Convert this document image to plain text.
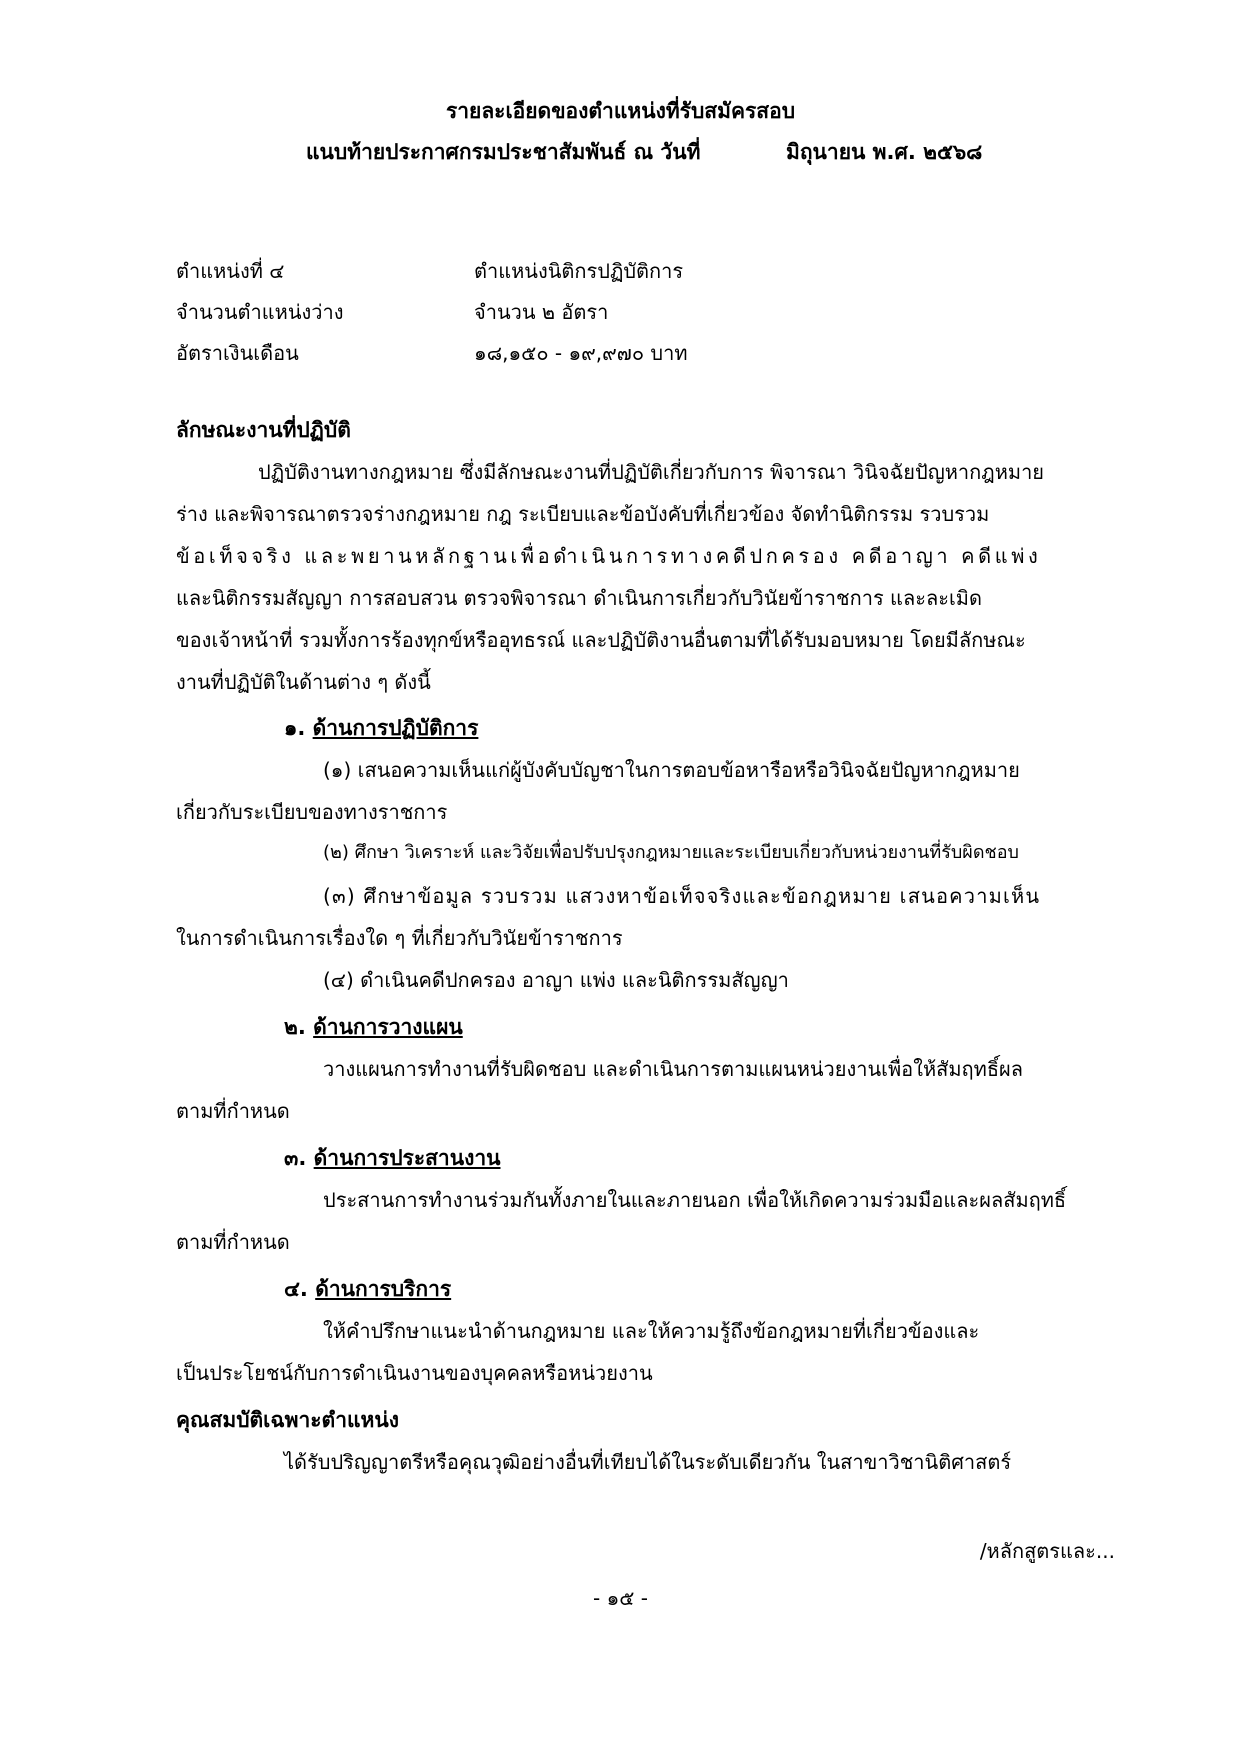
รายละเอียดของตำแหน่งที่รับสมัครสอบ
แนบท้ายประกาศกรมประชาสัมพันธ์ ณ วันที่	มิถุนายน พ.ศ. ๒๕๖๘
ตำแหน่งที่ ๔	ตำแหน่งนิติกรปฏิบัติการ
จำนวนตำแหน่งว่าง	จำนวน ๒ อัตรา
อัตราเงินเดือน	๑๘,๑๕๐ - ๑๙,๙๗๐ บาท
ลักษณะงานที่ปฏิบัติ
ปฏิบัติงานทางกฎหมาย ซึ่งมีลักษณะงานที่ปฏิบัติเกี่ยวกับการ พิจารณา วินิจฉัยปัญหากฎหมาย
ร่าง และพิจารณาตรวจร่างกฎหมาย กฎ ระเบียบและข้อบังคับที่เกี่ยวข้อง จัดทำนิติกรรม รวบรวม
ข้อเท็จจริง และพยานหลักฐานเพื่อดำเนินการทางคดีปกครอง คดีอาญา คดีแพ่ง
และนิติกรรมสัญญา การสอบสวน ตรวจพิจารณา ดำเนินการเกี่ยวกับวินัยข้าราชการ และละเมิด
ของเจ้าหน้าที่ รวมทั้งการร้องทุกข์หรืออุทธรณ์ และปฏิบัติงานอื่นตามที่ได้รับมอบหมาย โดยมีลักษณะ
งานที่ปฏิบัติในด้านต่าง ๆ ดังนี้
๑. ด้านการปฏิบัติการ
(๑) เสนอความเห็นแก่ผู้บังคับบัญชาในการตอบข้อหารือหรือวินิจฉัยปัญหากฎหมาย
เกี่ยวกับระเบียบของทางราชการ
(๒) ศึกษา วิเคราะห์ และวิจัยเพื่อปรับปรุงกฎหมายและระเบียบเกี่ยวกับหน่วยงานที่รับผิดชอบ
(๓) ศึกษาข้อมูล รวบรวม แสวงหาข้อเท็จจริงและข้อกฎหมาย เสนอความเห็น
ในการดำเนินการเรื่องใด ๆ ที่เกี่ยวกับวินัยข้าราชการ
(๔) ดำเนินคดีปกครอง อาญา แพ่ง และนิติกรรมสัญญา
๒. ด้านการวางแผน
วางแผนการทำงานที่รับผิดชอบ และดำเนินการตามแผนหน่วยงานเพื่อให้สัมฤทธิ์ผล
ตามที่กำหนด
๓. ด้านการประสานงาน
ประสานการทำงานร่วมกันทั้งภายในและภายนอก เพื่อให้เกิดความร่วมมือและผลสัมฤทธิ์
ตามที่กำหนด
๔. ด้านการบริการ
ให้คำปรึกษาแนะนำด้านกฎหมาย และให้ความรู้ถึงข้อกฎหมายที่เกี่ยวข้องและ
เป็นประโยชน์กับการดำเนินงานของบุคคลหรือหน่วยงาน
คุณสมบัติเฉพาะตำแหน่ง
ได้รับปริญญาตรีหรือคุณวุฒิอย่างอื่นที่เทียบได้ในระดับเดียวกัน ในสาขาวิชานิติศาสตร์
/หลักสูตรและ...
- ๑๕ -
